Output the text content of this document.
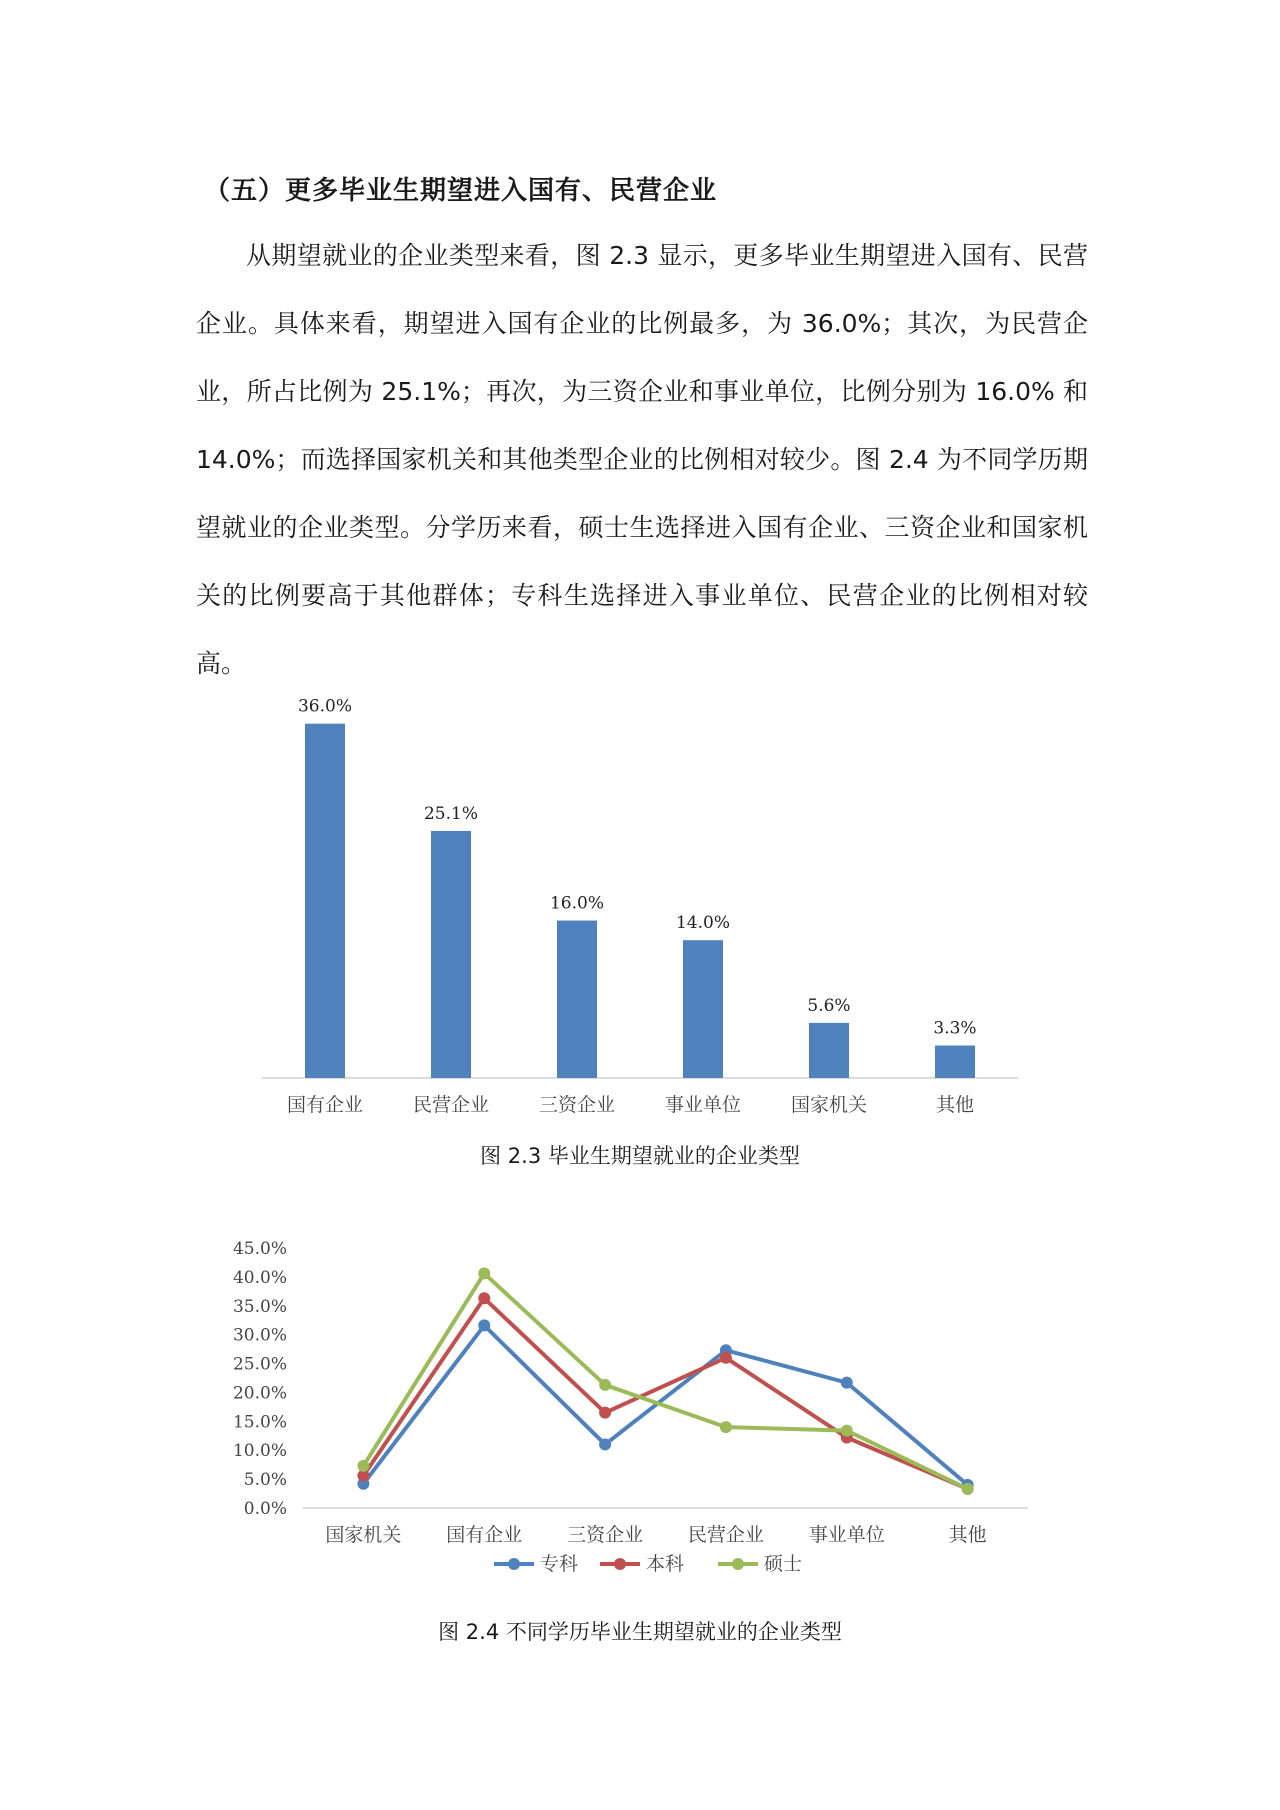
（五）更多毕业生期望进入国有、民营企业

从期望就业的企业类型来看，图 2.3 显示，更多毕业生期望进入国有、民营企业。具体来看，期望进入国有企业的比例最多，为 36.0%；其次，为民营企业，所占比例为 25.1%；再次，为三资企业和事业单位，比例分别为 16.0% 和 14.0%；而选择国家机关和其他类型企业的比例相对较少。图 2.4 为不同学历期望就业的企业类型。分学历来看，硕士生选择进入国有企业、三资企业和国家机关的比例要高于其他群体；专科生选择进入事业单位、民营企业的比例相对较高。

36.0%
国有企业
25.1%
民营企业
16.0%
三资企业
14.0%
事业单位
5.6%
国家机关
3.3%
其他
图 2.3 毕业生期望就业的企业类型
0.0%
5.0%
10.0%
15.0%
20.0%
25.0%
30.0%
35.0%
40.0%
45.0%
国家机关 国有企业 三资企业 民营企业 事业单位	其他
专科	本科	硕士
图 2.4 不同学历毕业生期望就业的企业类型
